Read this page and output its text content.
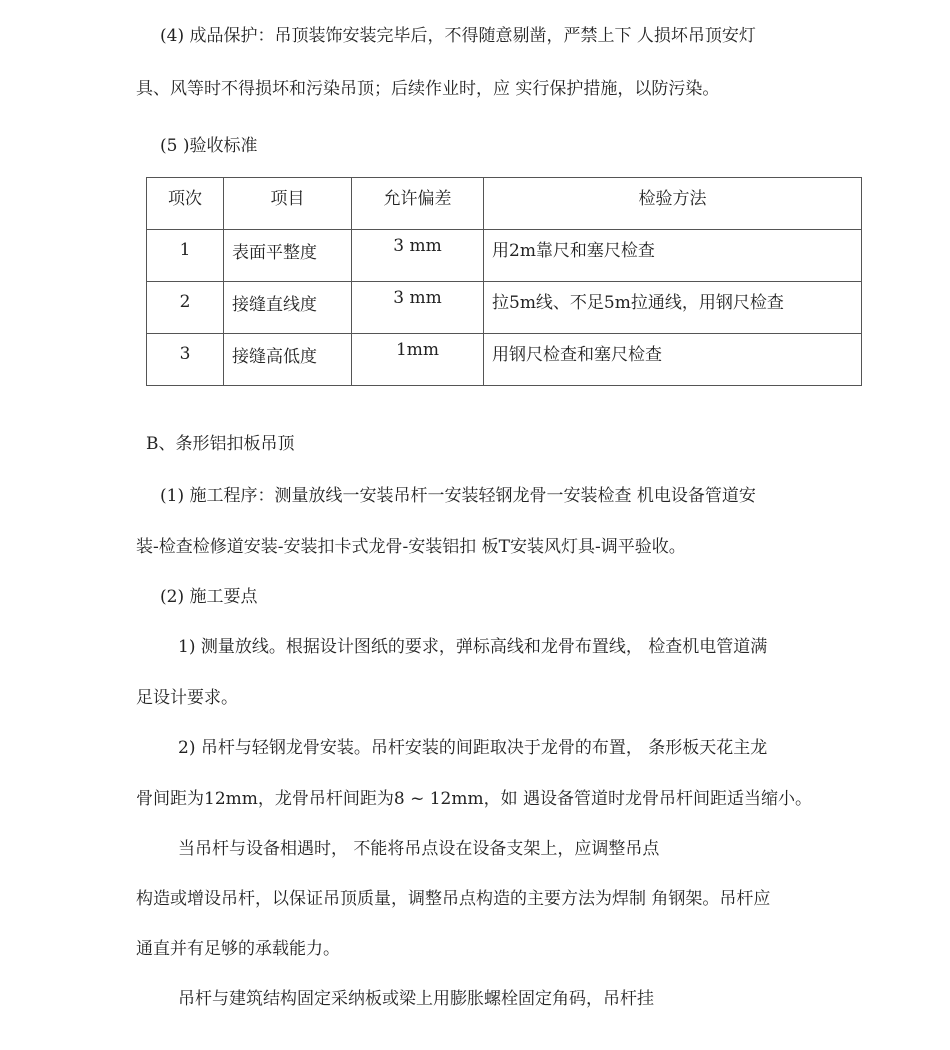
(4) 成品保护：吊顶装饰安装完毕后，不得随意剔凿，严禁上下 人损坏吊顶安灯
具、风等时不得损坏和污染吊顶；后续作业时，应 实行保护措施，以防污染。
(5 )验收标准
项次	项目	允许偏差	检验方法
1	表面平整度	3 mm	用2m靠尺和塞尺检查
2	接缝直线度	3 mm	拉5m线、不足5m拉通线，用钢尺检查
3	接缝高低度	1mm	用钢尺检查和塞尺检查
B、条形铝扣板吊顶
(1) 施工程序：测量放线一安装吊杆一安装轻钢龙骨一安装检查 机电设备管道安
装-检查检修道安装-安装扣卡式龙骨-安装铝扣 板T安装风灯具-调平验收。
(2) 施工要点
1) 测量放线。根据设计图纸的要求，弹标高线和龙骨布置线， 检查机电管道满
足设计要求。
2) 吊杆与轻钢龙骨安装。吊杆安装的间距取决于龙骨的布置， 条形板天花主龙
骨间距为12mm，龙骨吊杆间距为8 ~ 12mm，如 遇设备管道时龙骨吊杆间距适当缩小。
当吊杆与设备相遇时， 不能将吊点设在设备支架上，应调整吊点
构造或增设吊杆，以保证吊顶质量，调整吊点构造的主要方法为焊制 角钢架。吊杆应
通直并有足够的承载能力。
吊杆与建筑结构固定采纳板或梁上用膨胀螺栓固定角码，吊杆挂
